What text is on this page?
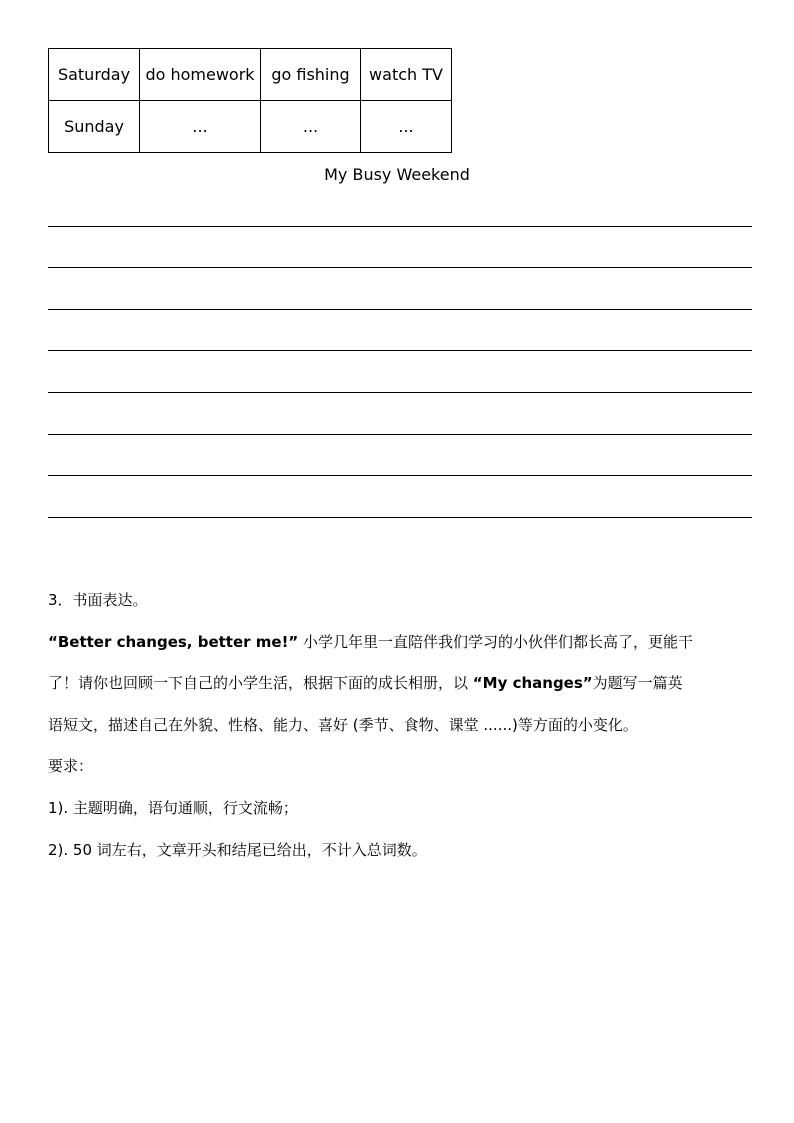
Saturday	do homework	go fishing	watch TV
Sunday	...	...	...
My Busy Weekend

3．书面表达。

“Better changes, better me!” 小学几年里一直陪伴我们学习的小伙伴们都长高了，更能干

了！请你也回顾一下自己的小学生活，根据下面的成长相册，以 “My changes”为题写一篇英

语短文，描述自己在外貌、性格、能力、喜好 (季节、食物、课堂 ......)等方面的小变化。

要求：

1). 主题明确，语句通顺，行文流畅；

2). 50 词左右，文章开头和结尾已给出，不计入总词数。
